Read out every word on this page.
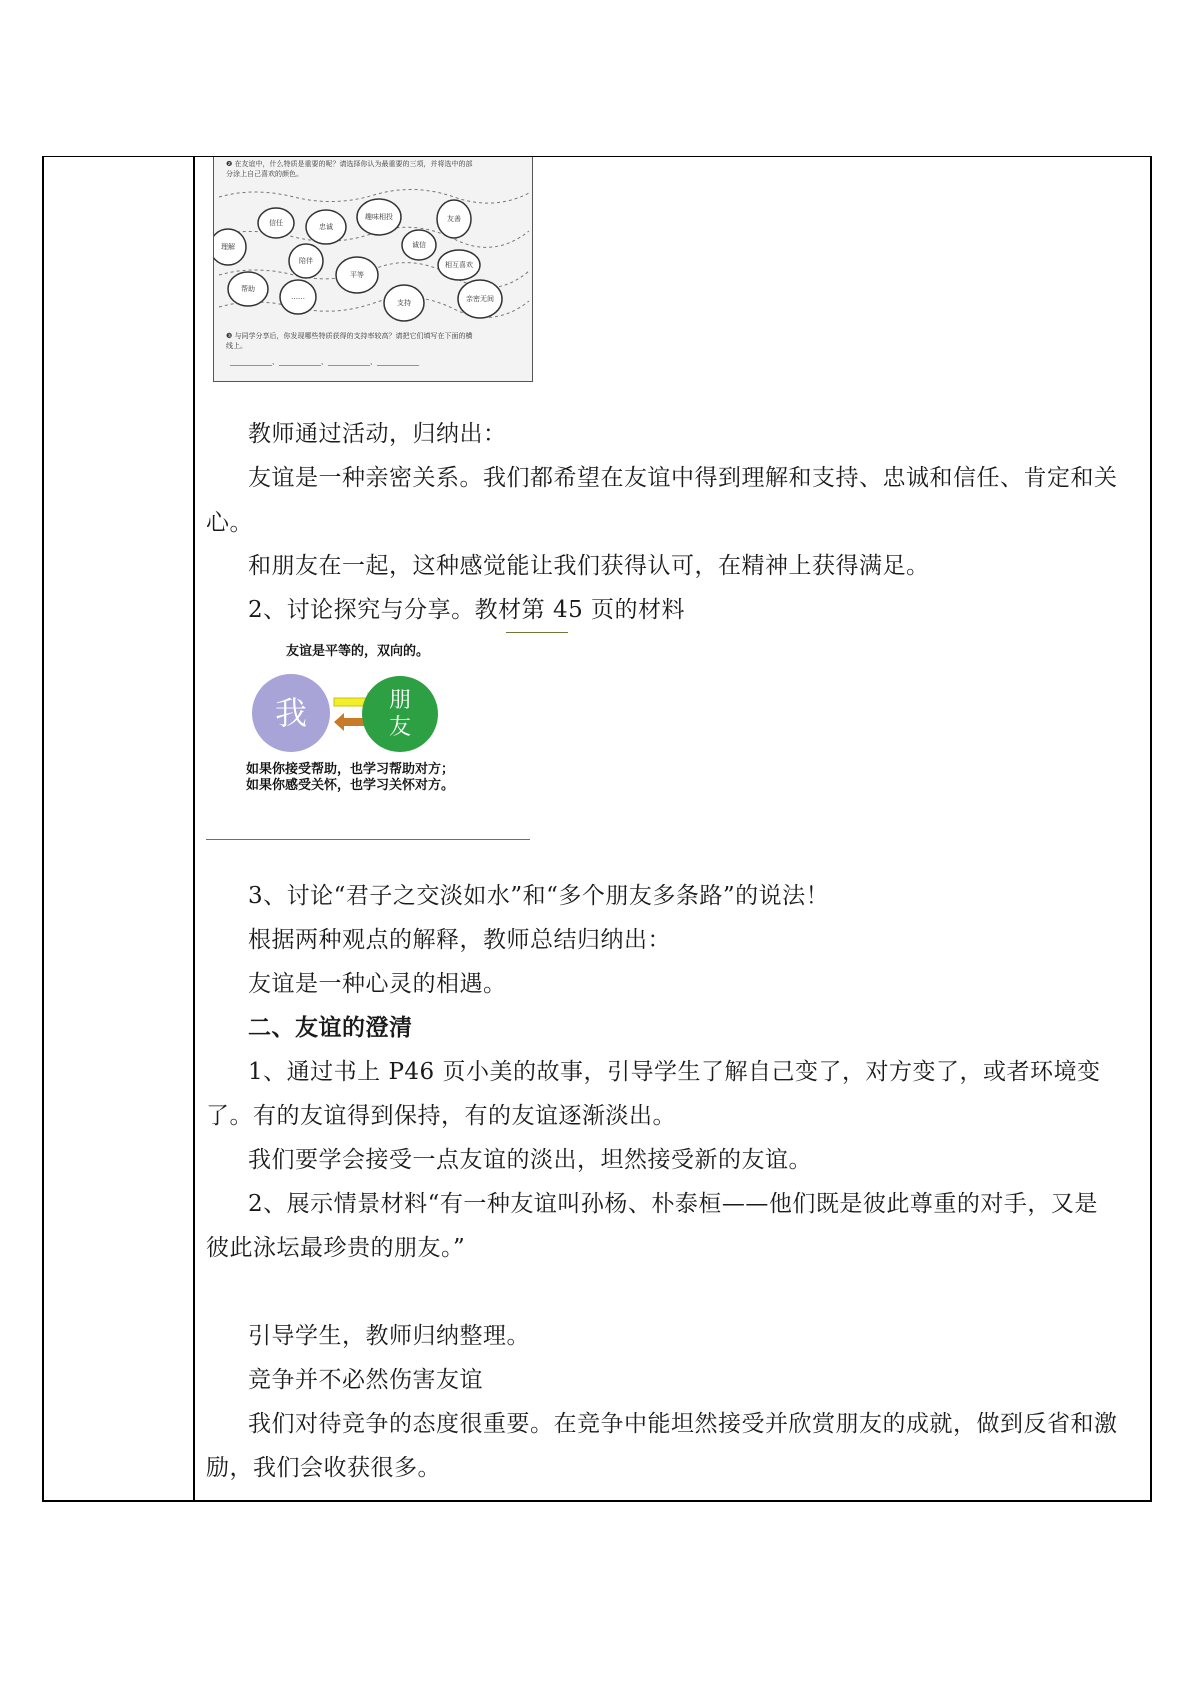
❷ 在友谊中，什么特质是重要的呢？请选择你认为最重要的三项，并将选中的部
分涂上自己喜欢的颜色。
信任	忠诚
趣味相投	友善
理解	诚信
陪伴	相互喜欢
帮助
……
平等
支持	亲密无间
❸ 与同学分享后，你发现哪些特质获得的支持率较高？请把它们填写在下面的横
线上。
____________、____________、____________、____________
教师通过活动，归纳出：
友谊是一种亲密关系。我们都希望在友谊中得到理解和支持、忠诚和信任、肯定和关
心。
和朋友在一起，这种感觉能让我们获得认可，在精神上获得满足。
2、讨论探究与分享。教材第 45 页的材料
友谊是平等的，双向的。
我	朋
友
如果你接受帮助，也学习帮助对方；
如果你感受关怀，也学习关怀对方。
3、讨论“君子之交淡如水”和“多个朋友多条路”的说法！
根据两种观点的解释，教师总结归纳出：
友谊是一种心灵的相遇。
二、友谊的澄清
1、通过书上 P46 页小美的故事，引导学生了解自己变了，对方变了，或者环境变
了。有的友谊得到保持，有的友谊逐渐淡出。
我们要学会接受一点友谊的淡出，坦然接受新的友谊。
2、展示情景材料“有一种友谊叫孙杨、朴泰桓——他们既是彼此尊重的对手，又是
彼此泳坛最珍贵的朋友。”
引导学生，教师归纳整理。
竞争并不必然伤害友谊
我们对待竞争的态度很重要。在竞争中能坦然接受并欣赏朋友的成就，做到反省和激
励，我们会收获很多。
